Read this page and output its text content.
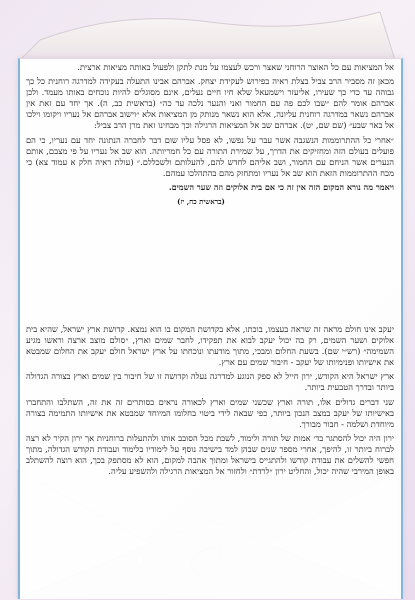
אל המציאות עם כל האוצר הרוחני שאצר ורכש לעצמו על מנת לתקן ולפעול באותה מציאות ארצית.

מכאן זה מסביר הרב צביל בצלת ראיה בפירוש לעקידת יצחק. אברהם אבינו התעלה בעקידה למדרגה רוחנית כל כך גבוהה עד כדי כך שעירו, אליעזר וישמעאל שלא חיו חיים נעלים, אינם מסוגלים להיות נוכחים באותו מעמד. ולכן אברהם אומר להם ״שבו לכם פה עם החמור ואני והנער נלכה עד כה״ (בראשית כב, ה). אך יחד עם זאת אין אברהם נשאר במדרגה רוחנית עליונה, אלא הוא נשאר מנותק מן המציאות אלא ״וישוב אברהם אל נעריו ויקומו וילכו אל באר שבע״ (שם שם, יט). אברהם שב אל המציאות הרגילה וכך מבחינו זאת מרן הרב צביל:

״אחרי כל ההתרוממות הנשגבה אשר עבר על נפשו, לא פסל עליו שום דבר לחברה הנתונה יחד עם נעריו, כי הם פועלים בעולם הזה ומחזיקים את הדרך, על שמירת התורה עם כל חמריותה. הוא שב אל נעריו על פי מצבם, אותם הנערים אשר הניחם עם החמור, ושב אליהם לחדש להם, להעלותם ולשכללם.״ (עולת ראיה חלק א עמוד צא) כי מכח ההתרוממות הזאת הוא שב אל נעריו ומתחזק מהם בהתהלכו עמהם.

ויאמר מה נורא המקום הזה אין זה כי אם בית אלוקים וזה שער השמים.

(בראשית כח, יז)

יעקב אינו חולם מראה זה שראה בעצמו, בוכתו, אלא בקדושת המקום בו הוא נמצא. קדושת ארץ ישראל, שהיא בית אלוקים ושער השמים, רק בה יכול יעקב לבוא את תפקידו, לחבר שמים וארץ, ״סולם מוצב ארצה וראשו מגיע השמימה״ (רש״י שם). בשעת החלום ומבכי, מתוך מודעתו ונוכחתו על ארץ ישראל חולם יעקב את החלום שמבטא את אישיותו ופנימיותו של יעקב - חיבור שמים עם ארץ.

ארץ ישראל היא הקודש, ירון חייל לא ספק הנוגע למדרגה נעלה וקדושה זו של חיבור בין שמים וארץ בצורה הגדולה ביותר ובדרך הטבעית ביותר.

שני דברים גדולים אלו, תורה וארץ שכשני שמים וארץ לכאורה נראים כסותרים זה את זה, השתלבו והתחברו באישיותו של יעקב במצב הנכון ביותר, כפי שבאה לידי ביטוי בחלומו המיוחד שמבטא את אישיותו התמימה בצורה מיוחדת ושלמה - חבור מבורך.

ירון היה יכול להסתגר בד׳ אמות של תורה ולימוד, לשבת מכל הסובב אותו ולהתעלות ברוחניות אך ירון הקיר לא רצה לברוח ביותר זו, להיפך, אחרי מספר שנים שבהן למד בישיבה נוסף על לימודיו בלימוד ועבודת הקודש הגדולה, מתוך חפשי להשלים את עבודת קודשו ולהתגייס בישראל ומתוך אהבה למקום, הוא לא מסתפק בכך, הוא רוצה להשתלב באופן המירבי שהיה יכול, והחליט ירון ״לרדת״ ולחזור אל המציאות הרגילה ולהשפיע עליה.
